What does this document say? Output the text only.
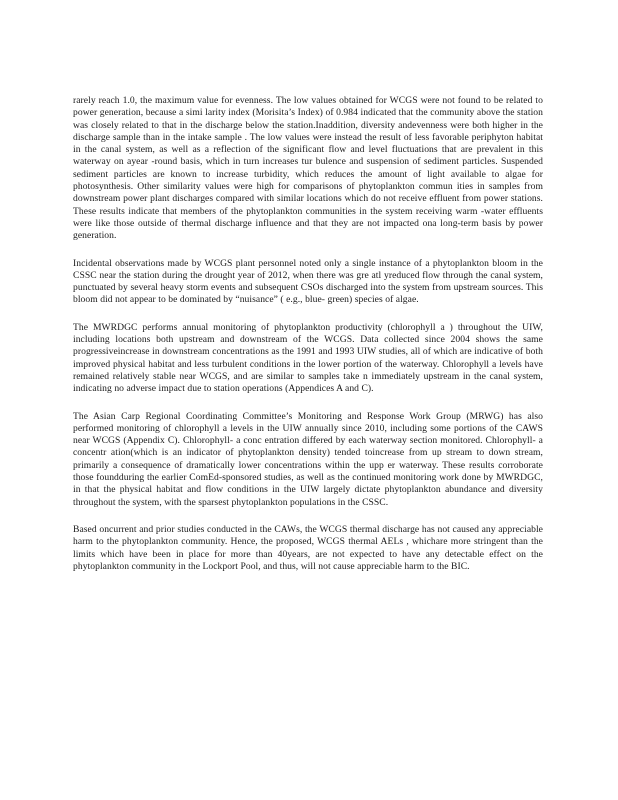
rarely reach 1.0, the maximum value for evenness. The low values obtained for WCGS were not found to be related to power generation, because a simi larity index (Morisita’s Index) of 0.984 indicated that the community above the station was closely related to that in the discharge below the station.Inaddition, diversity andevenness were both higher in the discharge sample than in the intake sample . The low values were instead the result of less favorable periphyton habitat in the canal system, as well as a reflection of the significant flow and level fluctuations that are prevalent in this waterway on ayear -round basis, which in turn increases tur bulence and suspension of sediment particles. Suspended sediment particles are known to increase turbidity, which reduces the amount of light available to algae for photosynthesis. Other similarity values were high for comparisons of phytoplankton commun ities in samples from downstream power plant discharges compared with similar locations which do not receive effluent from power stations. These results indicate that members of the phytoplankton communities in the system receiving warm -water effluents were like those outside of thermal discharge influence and that they are not impacted ona long-term basis by power generation.

Incidental observations made by WCGS plant personnel noted only a single instance of a phytoplankton bloom in the CSSC near the station during the drought year of 2012, when there was gre atl yreduced flow through the canal system, punctuated by several heavy storm events and subsequent CSOs discharged into the system from upstream sources. This bloom did not appear to be dominated by “nuisance” ( e.g., blue- green) species of algae.

The MWRDGC performs annual monitoring of phytoplankton productivity (chlorophyll a ) throughout the UIW, including locations both upstream and downstream of the WCGS. Data collected since 2004 shows the same progressiveincrease in downstream concentrations as the 1991 and 1993 UIW studies, all of which are indicative of both improved physical habitat and less turbulent conditions in the lower portion of the waterway. Chlorophyll a levels have remained relatively stable near WCGS, and are similar to samples take n immediately upstream in the canal system, indicating no adverse impact due to station operations (Appendices A and C).

The Asian Carp Regional Coordinating Committee’s Monitoring and Response Work Group (MRWG) has also performed monitoring of chlorophyll a levels in the UIW annually since 2010, including some portions of the CAWS near WCGS (Appendix C). Chlorophyll- a conc entration differed by each waterway section monitored. Chlorophyll- a concentr ation(which is an indicator of phytoplankton density) tended toincrease from up stream to down stream, primarily a consequence of dramatically lower concentrations within the upp er waterway. These results corroborate those foundduring the earlier ComEd-sponsored studies, as well as the continued monitoring work done by MWRDGC, in that the physical habitat and flow conditions in the UIW largely dictate phytoplankton abundance and diversity throughout the system, with the sparsest phytoplankton populations in the CSSC.

Based oncurrent and prior studies conducted in the CAWs, the WCGS thermal discharge has not caused any appreciable harm to the phytoplankton community. Hence, the proposed, WCGS thermal AELs , whichare more stringent than the limits which have been in place for more than 40years, are not expected to have any detectable effect on the phytoplankton community in the Lockport Pool, and thus, will not cause appreciable harm to the BIC.
